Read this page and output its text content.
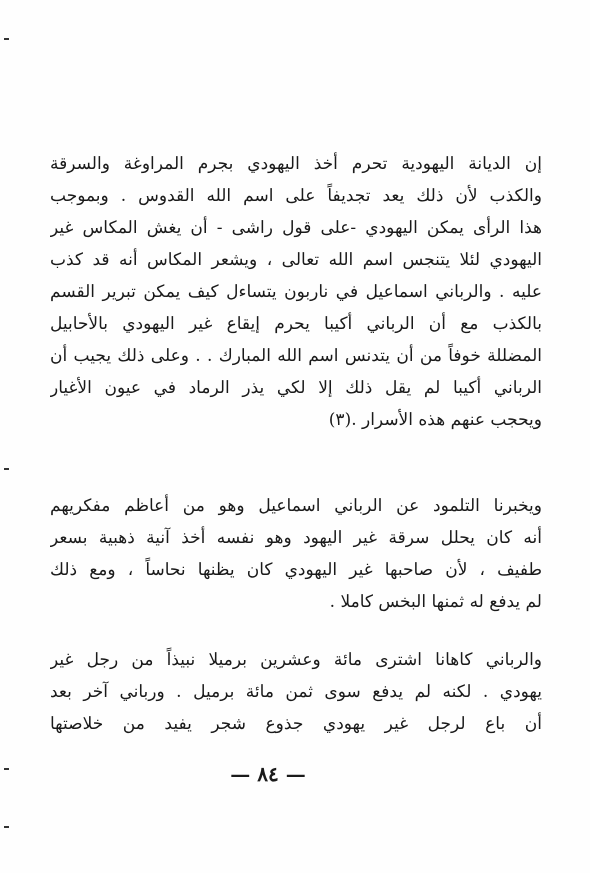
إن الديانة اليهودية تحرم أخذ اليهودي بجرم المراوغة والسرقة
والكذب لأن ذلك يعد تجديفاً على اسم الله القدوس . وبموجب
هذا الرأى يمكن اليهودي -على قول راشى - أن يغش المكاس غير
اليهودي لئلا يتنجس اسم الله تعالى ، ويشعر المكاس أنه قد كذب
عليه . والرباني اسماعيل في ناربون يتساءل كيف يمكن تبرير القسم
بالكذب مع أن الرباني أكيبا يحرم إيقاع غير اليهودي بالأحابيل
المضللة خوفاً من أن يتدنس اسم الله المبارك . . وعلى ذلك يجيب أن
الرباني أكيبا لم يقل ذلك إلا لكي يذر الرماد في عيون الأغيار
ويحجب عنهم هذه الأسرار .(٣)
ويخبرنا التلمود عن الرباني اسماعيل وهو من أعاظم مفكريهم
أنه كان يحلل سرقة غير اليهود وهو نفسه أخذ آنية ذهبية بسعر
طفيف ، لأن صاحبها غير اليهودي كان يظنها نحاساً ، ومع ذلك
لم يدفع له ثمنها البخس كاملا .
والرباني كاهانا اشترى مائة وعشرين برميلا نبيذاً من رجل غير
يهودي . لكنه لم يدفع سوى ثمن مائة برميل . ورباني آخر بعد
أن باع لرجل غير يهودي جذوع شجر يفيد من خلاصتها
— ٨٤ —
